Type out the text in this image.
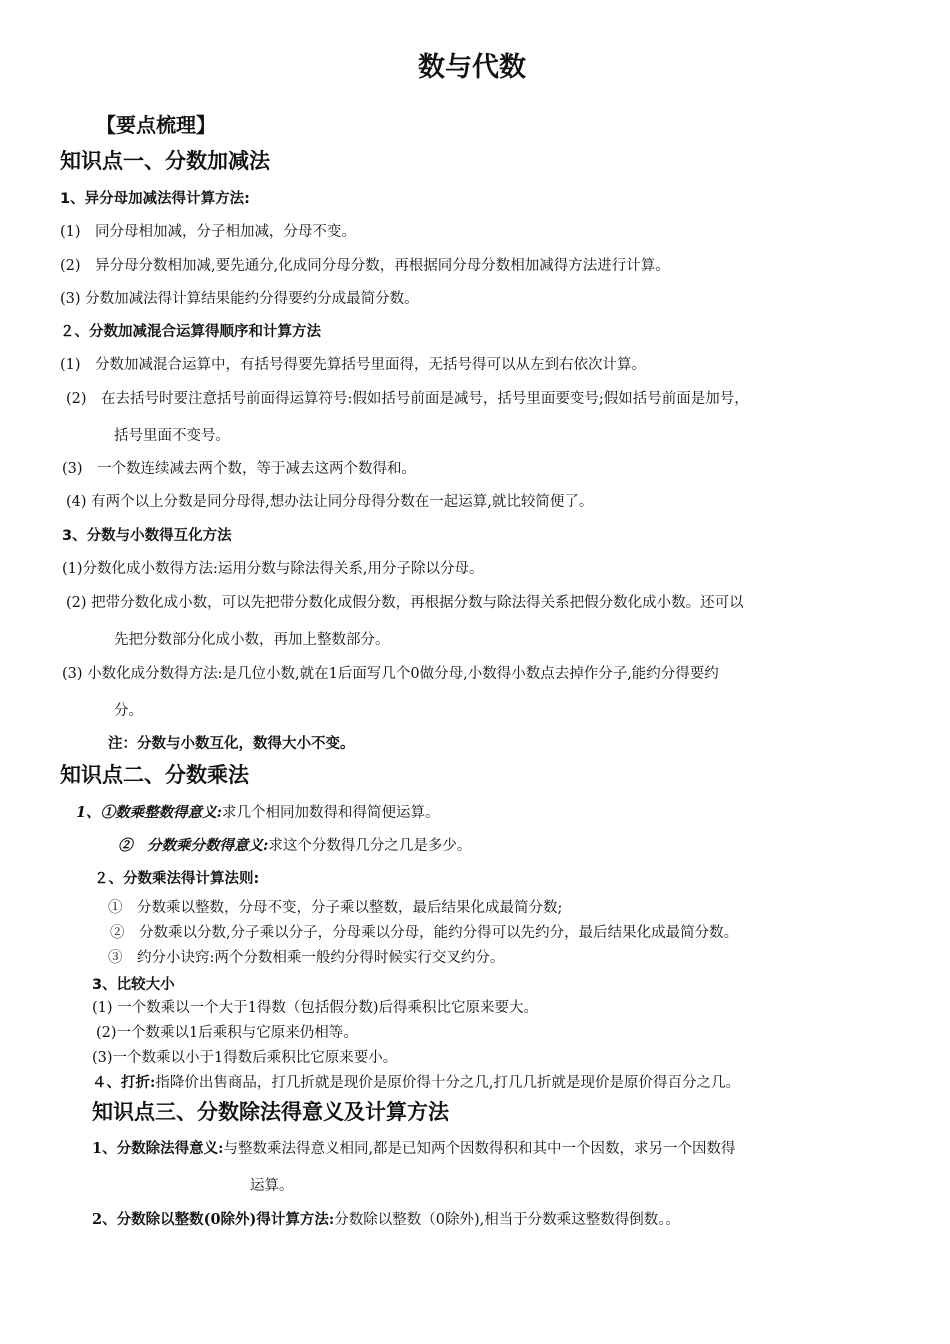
数与代数
【要点梳理】
知识点一、分数加减法
1、异分母加减法得计算方法:
(1)　同分母相加减，分子相加减，分母不变。
(2)　异分母分数相加减,要先通分,化成同分母分数，再根据同分母分数相加减得方法进行计算。
(3) 分数加减法得计算结果能约分得要约分成最简分数。
２、分数加减混合运算得顺序和计算方法
(1)　分数加减混合运算中，有括号得要先算括号里面得，无括号得可以从左到右依次计算。
(2)　在去括号时要注意括号前面得运算符号:假如括号前面是减号，括号里面要变号;假如括号前面是加号，
括号里面不变号。
(3)　一个数连续减去两个数，等于减去这两个数得和。
(4) 有两个以上分数是同分母得,想办法让同分母得分数在一起运算,就比较简便了。
3、分数与小数得互化方法
(1)分数化成小数得方法:运用分数与除法得关系,用分子除以分母。
(2) 把带分数化成小数，可以先把带分数化成假分数，再根据分数与除法得关系把假分数化成小数。还可以
先把分数部分化成小数，再加上整数部分。
(3) 小数化成分数得方法:是几位小数,就在1后面写几个0做分母,小数得小数点去掉作分子,能约分得要约
分。
注：分数与小数互化，数得大小不变。
知识点二、分数乘法
1、①数乘整数得意义:求几个相同加数得和得简便运算。
②　分数乘分数得意义:求这个分数得几分之几是多少。
２、分数乘法得计算法则:
①　分数乘以整数，分母不变，分子乘以整数，最后结果化成最简分数;
②　分数乘以分数,分子乘以分子，分母乘以分母，能约分得可以先约分，最后结果化成最简分数。
③　约分小诀窍:两个分数相乘一般约分得时候实行交叉约分。
3、比较大小
(1) 一个数乘以一个大于1得数（包括假分数)后得乘积比它原来要大。
(2)一个数乘以1后乘积与它原来仍相等。
(3)一个数乘以小于1得数后乘积比它原来要小。
４、打折:指降价出售商品，打几折就是现价是原价得十分之几,打几几折就是现价是原价得百分之几。
知识点三、分数除法得意义及计算方法
1、分数除法得意义:与整数乘法得意义相同,都是已知两个因数得积和其中一个因数，求另一个因数得
运算。
2、分数除以整数(0除外)得计算方法:分数除以整数（0除外),相当于分数乘这整数得倒数。。
